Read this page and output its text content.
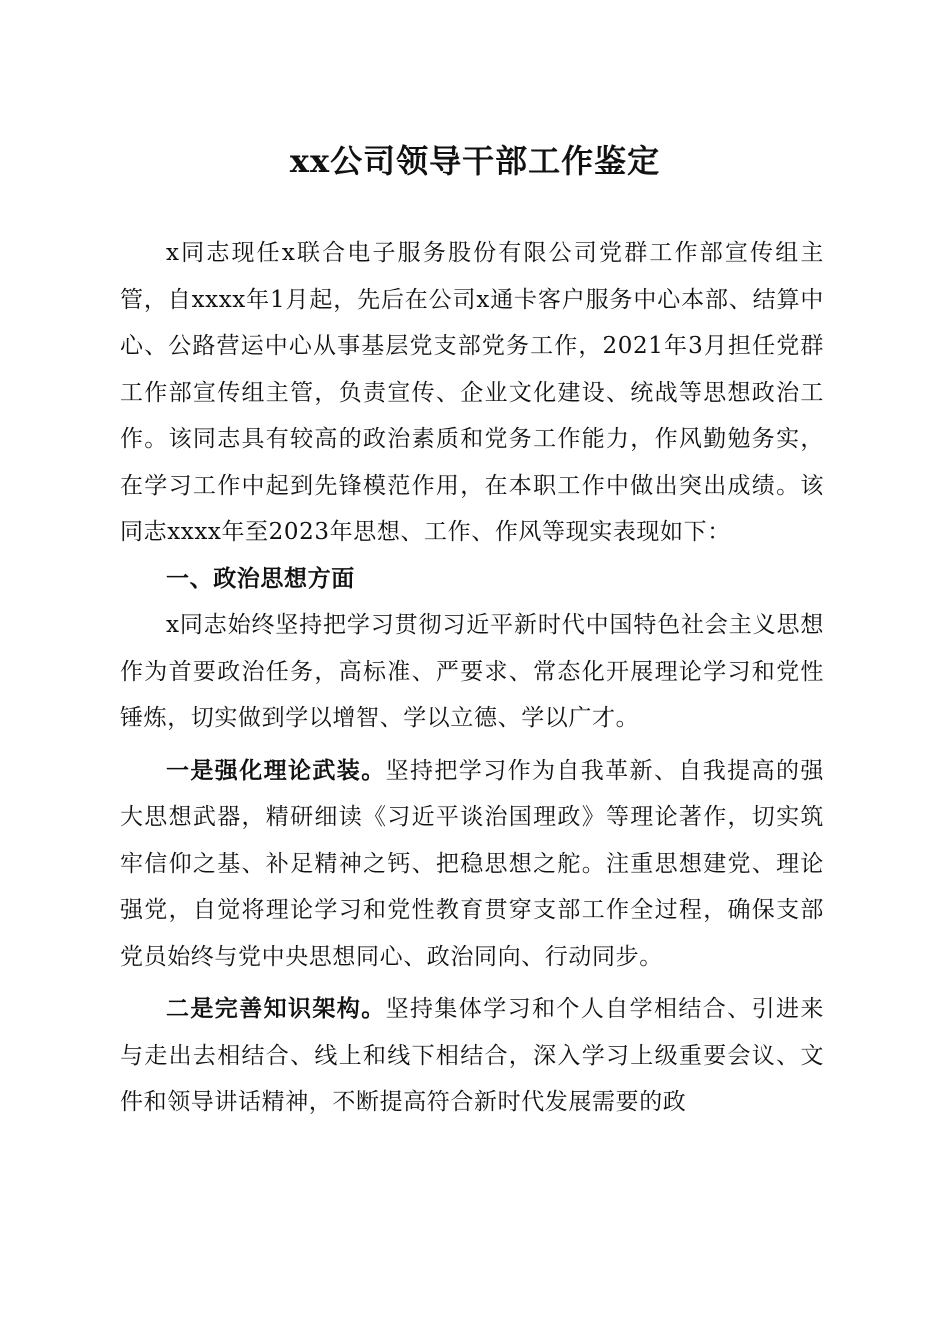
xx公司领导干部工作鉴定

x同志现任x联合电子服务股份有限公司党群工作部宣传组主管，自xxxx年1月起，先后在公司x通卡客户服务中心本部、结算中心、公路营运中心从事基层党支部党务工作，2021年3月担任党群工作部宣传组主管，负责宣传、企业文化建设、统战等思想政治工作。该同志具有较高的政治素质和党务工作能力，作风勤勉务实，在学习工作中起到先锋模范作用，在本职工作中做出突出成绩。该同志xxxx年至2023年思想、工作、作风等现实表现如下：

一、政治思想方面

x同志始终坚持把学习贯彻习近平新时代中国特色社会主义思想作为首要政治任务，高标准、严要求、常态化开展理论学习和党性锤炼，切实做到学以增智、学以立德、学以广才。

一是强化理论武装。坚持把学习作为自我革新、自我提高的强大思想武器，精研细读《习近平谈治国理政》等理论著作，切实筑牢信仰之基、补足精神之钙、把稳思想之舵。注重思想建党、理论强党，自觉将理论学习和党性教育贯穿支部工作全过程，确保支部党员始终与党中央思想同心、政治同向、行动同步。

二是完善知识架构。坚持集体学习和个人自学相结合、引进来与走出去相结合、线上和线下相结合，深入学习上级重要会议、文件和领导讲话精神，不断提高符合新时代发展需要的政
